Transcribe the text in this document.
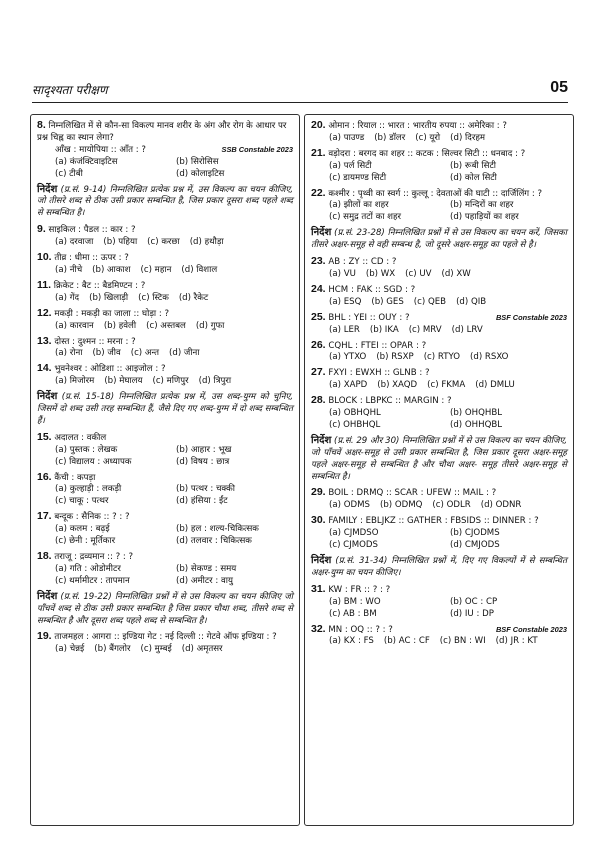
सादृश्यता परीक्षण	05
SSB Constable 2023
8. निम्नलिखित में से कौन-सा विकल्प मानव शरीर के अंग और रोग के आधार पर प्रश्न चिह्न का स्थान लेगा?
आँख : मायोपिया :: आँत : ?
(a) कंजंक्टिवाइटिस	(b) सिरोसिस
(c) टीबी	(d) कोलाइटिस
निर्देश (प्र.सं. 9-14) निम्नलिखित प्रत्येक प्रश्न में, उस विकल्प का चयन कीजिए, जो तीसरे शब्द से ठीक उसी प्रकार सम्बन्धित है, जिस प्रकार दूसरा शब्द पहले शब्द से सम्बन्धित है।
9. साइकिल : पैडल :: कार : ?
(a) दरवाजा (b) पहिया (c) करछा (d) हथौड़ा
10. तीव्र : धीमा :: ऊपर : ?
(a) नीचे (b) आकाश (c) महान (d) विशाल
11. क्रिकेट : बैट :: बैडमिण्टन : ?
(a) गेंद (b) खिलाड़ी (c) स्टिक (d) रैकेट
12. मकड़ी : मकड़ी का जाला :: घोड़ा : ?
(a) कारवान (b) हवेली (c) अस्तबल (d) गुफा
13. दोस्त : दुश्मन :: मरना : ?
(a) रोना (b) जीव (c) अन्त (d) जीना
14. भुवनेश्वर : ओडिशा :: आइजोल : ?
(a) मिजोरम (b) मेघालय (c) मणिपुर (d) त्रिपुरा
निर्देश (प्र.सं. 15-18) निम्नलिखित प्रत्येक प्रश्न में, उस शब्द-युग्म को चुनिए, जिसमें दो शब्द उसी तरह सम्बन्धित हैं, जैसे दिए गए शब्द-युग्म में दो शब्द सम्बन्धित हैं।
15. अदालत : वकील
(a) पुस्तक : लेखक	(b) आहार : भूख
(c) विद्यालय : अध्यापक	(d) विषय : छात्र
16. कैंची : कपड़ा
(a) कुल्हाड़ी : लकड़ी	(b) पत्थर : चक्की
(c) चाकू : पत्थर	(d) हंसिया : ईंट
17. बन्दूक : सैनिक :: ? : ?
(a) कलम : बढ़ई	(b) हल : शल्य-चिकित्सक
(c) छेनी : मूर्तिकार	(d) तलवार : चिकित्सक
18. तराजू : द्रव्यमान :: ? : ?
(a) गति : ओडोमीटर	(b) सेकण्ड : समय
(c) थर्मामीटर : तापमान	(d) अमीटर : वायु
निर्देश (प्र.सं. 19-22) निम्नलिखित प्रश्नों में से उस विकल्प का चयन कीजिए जो पाँचवें शब्द से ठीक उसी प्रकार सम्बन्धित है जिस प्रकार चौथा शब्द, तीसरे शब्द से सम्बन्धित है और दूसरा शब्द पहले शब्द से सम्बन्धित है।
19. ताजमहल : आगरा :: इण्डिया गेट : नई दिल्ली :: गेटवे ऑफ इण्डिया : ?
(a) चेन्नई (b) बैंगलोर (c) मुम्बई (d) अमृतसर
20. ओमान : रियाल :: भारत : भारतीय रुपया :: अमेरिका : ?
(a) पाउण्ड (b) डॉलर (c) यूरो (d) दिरहम
21. वड़ोदरा : बरगद का शहर :: कटक : सिल्वर सिटी :: धनबाद : ?
(a) पर्ल सिटी	(b) रूबी सिटी
(c) डायमण्ड सिटी	(d) कोल सिटी
22. कश्मीर : पृथ्वी का स्वर्ग :: कुल्लू : देवताओं की घाटी :: दार्जिलिंग : ?
(a) झीलों का शहर	(b) मन्दिरों का शहर
(c) समुद्र तटों का शहर	(d) पहाड़ियों का शहर
निर्देश (प्र.सं. 23-28) निम्नलिखित प्रश्नों में से उस विकल्प का चयन करें, जिसका तीसरे अक्षर-समूह से वही सम्बन्ध है, जो दूसरे अक्षर-समूह का पहले से है।
23. AB : ZY :: CD : ?
(a) VU (b) WX (c) UV (d) XW
24. HCM : FAK :: SGD : ?
(a) ESQ (b) GES (c) QEB (d) QIB
BSF Constable 2023
25. BHL : YEI :: OUY : ?
(a) LER (b) IKA (c) MRV (d) LRV
26. CQHL : FTEI :: OPAR : ?
(a) YTXO (b) RSXP (c) RTYO (d) RSXO
27. FXYI : EWXH :: GLNB : ?
(a) XAPD (b) XAQD (c) FKMA (d) DMLU
28. BLOCK : LBPKC :: MARGIN : ?
(a) OBHQHL	(b) OHQHBL
(c) OHBHQL	(d) OHHQBL
निर्देश (प्र.सं. 29 और 30) निम्नलिखित प्रश्नों में से उस विकल्प का चयन कीजिए, जो पाँचवें अक्षर-समूह से उसी प्रकार सम्बन्धित है, जिस प्रकार दूसरा अक्षर-समूह पहले अक्षर-समूह से सम्बन्धित है और चौथा अक्षर- समूह तीसरे अक्षर-समूह से सम्बन्धित है।
29. BOIL : DRMQ :: SCAR : UFEW :: MAIL : ?
(a) ODMS (b) ODMQ (c) ODLR (d) ODNR
30. FAMILY : EBLJKZ :: GATHER : FBSIDS :: DINNER : ?
(a) CJMDSO	(b) CJODMS
(c) CJMODS	(d) CMJODS
निर्देश (प्र.सं. 31-34) निम्नलिखित प्रश्नों में, दिए गए विकल्पों में से सम्बन्धित अक्षर-युग्म का चयन कीजिए।
31. KW : FR :: ? : ?
(a) BM : WO	(b) OC : CP
(c) AB : BM	(d) IU : DP
BSF Constable 2023
32. MN : OQ :: ? : ?
(a) KX : FS (b) AC : CF (c) BN : WI (d) JR : KT
